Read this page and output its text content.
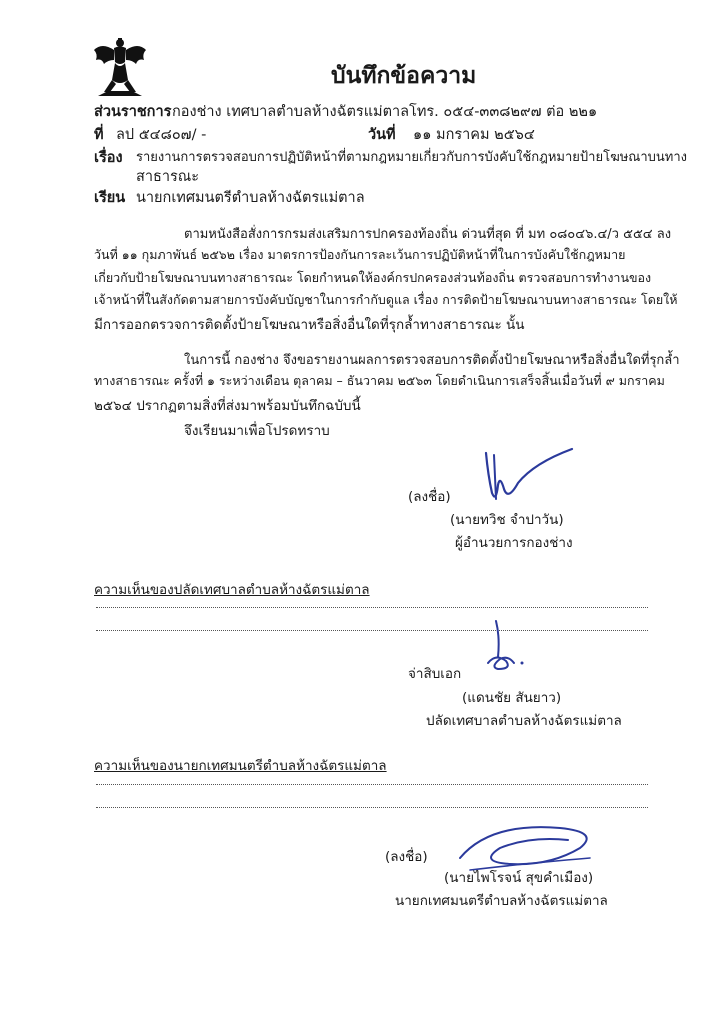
บันทึกข้อความ
ส่วนราชการ กองช่าง เทศบาลตำบลห้างฉัตรแม่ตาลโทร. ๐๕๔-๓๓๘๒๙๗ ต่อ ๒๒๑
ที่ ลป ๕๔๘๐๗/ -	วันที่ ๑๑ มกราคม ๒๕๖๔
เรื่อง รายงานการตรวจสอบการปฏิบัติหน้าที่ตามกฎหมายเกี่ยวกับการบังคับใช้กฎหมายป้ายโฆษณาบนทาง
สาธารณะ
เรียน นายกเทศมนตรีตำบลห้างฉัตรแม่ตาล
ตามหนังสือสั่งการกรมส่งเสริมการปกครองท้องถิ่น ด่วนที่สุด ที่ มท ๐๘๐๔๖.๔/ว ๕๕๔ ลง
วันที่ ๑๑ กุมภาพันธ์ ๒๕๖๒ เรื่อง มาตรการป้องกันการละเว้นการปฏิบัติหน้าที่ในการบังคับใช้กฎหมาย
เกี่ยวกับป้ายโฆษณาบนทางสาธารณะ โดยกำหนดให้องค์กรปกครองส่วนท้องถิ่น ตรวจสอบการทำงานของ
เจ้าหน้าที่ในสังกัดตามสายการบังคับบัญชาในการกำกับดูแล เรื่อง การติดป้ายโฆษณาบนทางสาธารณะ โดยให้
มีการออกตรวจการติดตั้งป้ายโฆษณาหรือสิ่งอื่นใดที่รุกล้ำทางสาธารณะ นั้น
ในการนี้ กองช่าง จึงขอรายงานผลการตรวจสอบการติดตั้งป้ายโฆษณาหรือสิ่งอื่นใดที่รุกล้ำ
ทางสาธารณะ ครั้งที่ ๑ ระหว่างเดือน ตุลาคม – ธันวาคม ๒๕๖๓ โดยดำเนินการเสร็จสิ้นเมื่อวันที่ ๙ มกราคม
๒๕๖๔ ปรากฏตามสิ่งที่ส่งมาพร้อมบันทึกฉบับนี้
จึงเรียนมาเพื่อโปรดทราบ
(ลงชื่อ)
(นายทวิช จำปาวัน)
ผู้อำนวยการกองช่าง
ความเห็นของปลัดเทศบาลตำบลห้างฉัตรแม่ตาล
จ่าสิบเอก
(แดนชัย สันยาว)
ปลัดเทศบาลตำบลห้างฉัตรแม่ตาล
ความเห็นของนายกเทศมนตรีตำบลห้างฉัตรแม่ตาล
(ลงชื่อ)
(นายไพโรจน์ สุขคำเมือง)
นายกเทศมนตรีตำบลห้างฉัตรแม่ตาล
